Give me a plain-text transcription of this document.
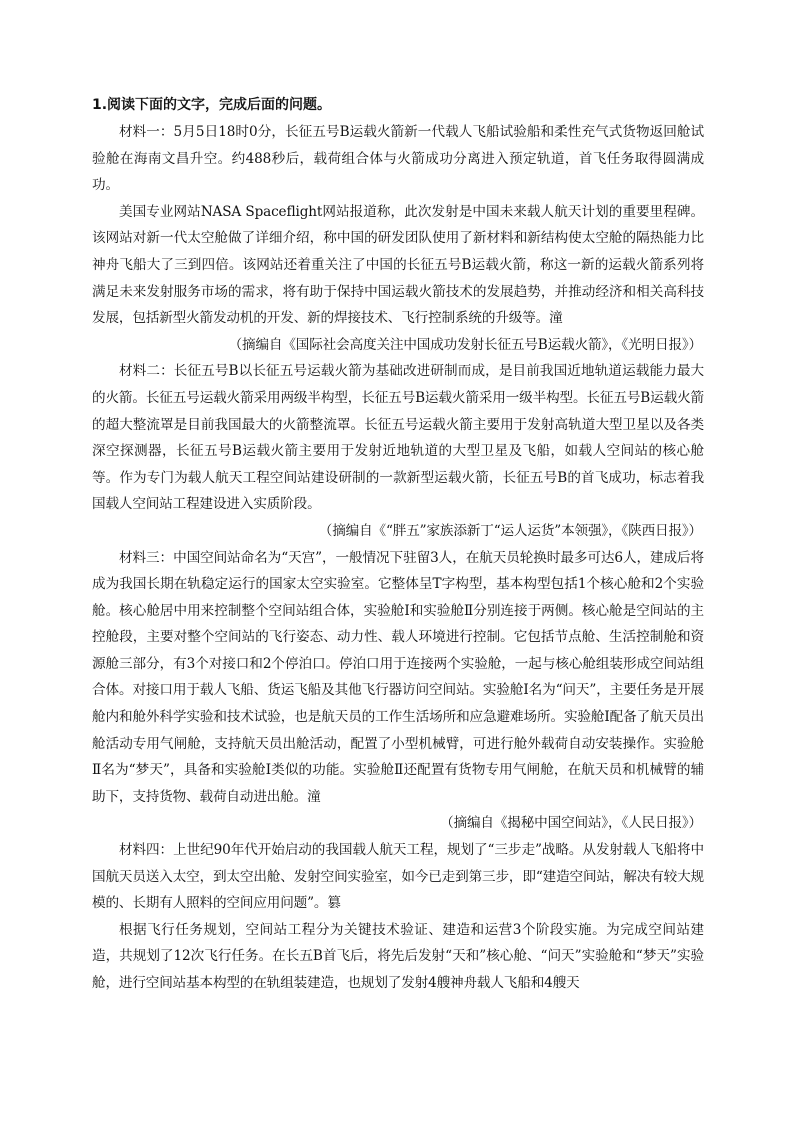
1.阅读下面的文字，完成后面的问题。

材料一：5月5日18时0分，长征五号B运载火箭新一代载人飞船试验船和柔性充气式货物返回舱试验舱在海南文昌升空。约488秒后，载荷组合体与火箭成功分离进入预定轨道，首飞任务取得圆满成功。

美国专业网站NASA Spaceflight网站报道称，此次发射是中国未来载人航天计划的重要里程碑。该网站对新一代太空舱做了详细介绍，称中国的研发团队使用了新材料和新结构使太空舱的隔热能力比神舟飞船大了三到四倍。该网站还着重关注了中国的长征五号B运载火箭，称这一新的运载火箭系列将满足未来发射服务市场的需求，将有助于保持中国运载火箭技术的发展趋势，并推动经济和相关高科技发展，包括新型火箭发动机的开发、新的焊接技术、飞行控制系统的升级等。潼

（摘编自《国际社会高度关注中国成功发射长征五号B运载火箭》，《光明日报》）

材料二：长征五号B以长征五号运载火箭为基础改进研制而成，是目前我国近地轨道运载能力最大的火箭。长征五号运载火箭采用两级半构型，长征五号B运载火箭采用一级半构型。长征五号B运载火箭的超大整流罩是目前我国最大的火箭整流罩。长征五号运载火箭主要用于发射高轨道大型卫星以及各类深空探测器，长征五号B运载火箭主要用于发射近地轨道的大型卫星及飞船，如载人空间站的核心舱等。作为专门为载人航天工程空间站建设研制的一款新型运载火箭，长征五号B的首飞成功，标志着我国载人空间站工程建设进入实质阶段。

（摘编自《“胖五”家族添新丁“运人运货”本领强》，《陕西日报》）

材料三：中国空间站命名为“天宫”，一般情况下驻留3人，在航天员轮换时最多可达6人，建成后将成为我国长期在轨稳定运行的国家太空实验室。它整体呈T字构型，基本构型包括1个核心舱和2个实验舱。核心舱居中用来控制整个空间站组合体，实验舱Ⅰ和实验舱Ⅱ分别连接于两侧。核心舱是空间站的主控舱段，主要对整个空间站的飞行姿态、动力性、载人环境进行控制。它包括节点舱、生活控制舱和资源舱三部分，有3个对接口和2个停泊口。停泊口用于连接两个实验舱，一起与核心舱组装形成空间站组合体。对接口用于载人飞船、货运飞船及其他飞行器访问空间站。实验舱Ⅰ名为“问天”，主要任务是开展舱内和舱外科学实验和技术试验，也是航天员的工作生活场所和应急避难场所。实验舱Ⅰ配备了航天员出舱活动专用气闸舱，支持航天员出舱活动，配置了小型机械臂，可进行舱外载荷自动安装操作。实验舱Ⅱ名为“梦天”，具备和实验舱Ⅰ类似的功能。实验舱Ⅱ还配置有货物专用气闸舱，在航天员和机械臂的辅助下，支持货物、载荷自动进出舱。潼

（摘编自《揭秘中国空间站》，《人民日报》）

材料四：上世纪90年代开始启动的我国载人航天工程，规划了“三步走”战略。从发射载人飞船将中国航天员送入太空，到太空出舱、发射空间实验室，如今已走到第三步，即“建造空间站，解决有较大规模的、长期有人照料的空间应用问题”。篡

根据飞行任务规划，空间站工程分为关键技术验证、建造和运营3个阶段实施。为完成空间站建造，共规划了12次飞行任务。在长五B首飞后，将先后发射“天和”核心舱、“问天”实验舱和“梦天”实验舱，进行空间站基本构型的在轨组装建造，也规划了发射4艘神舟载人飞船和4艘天
